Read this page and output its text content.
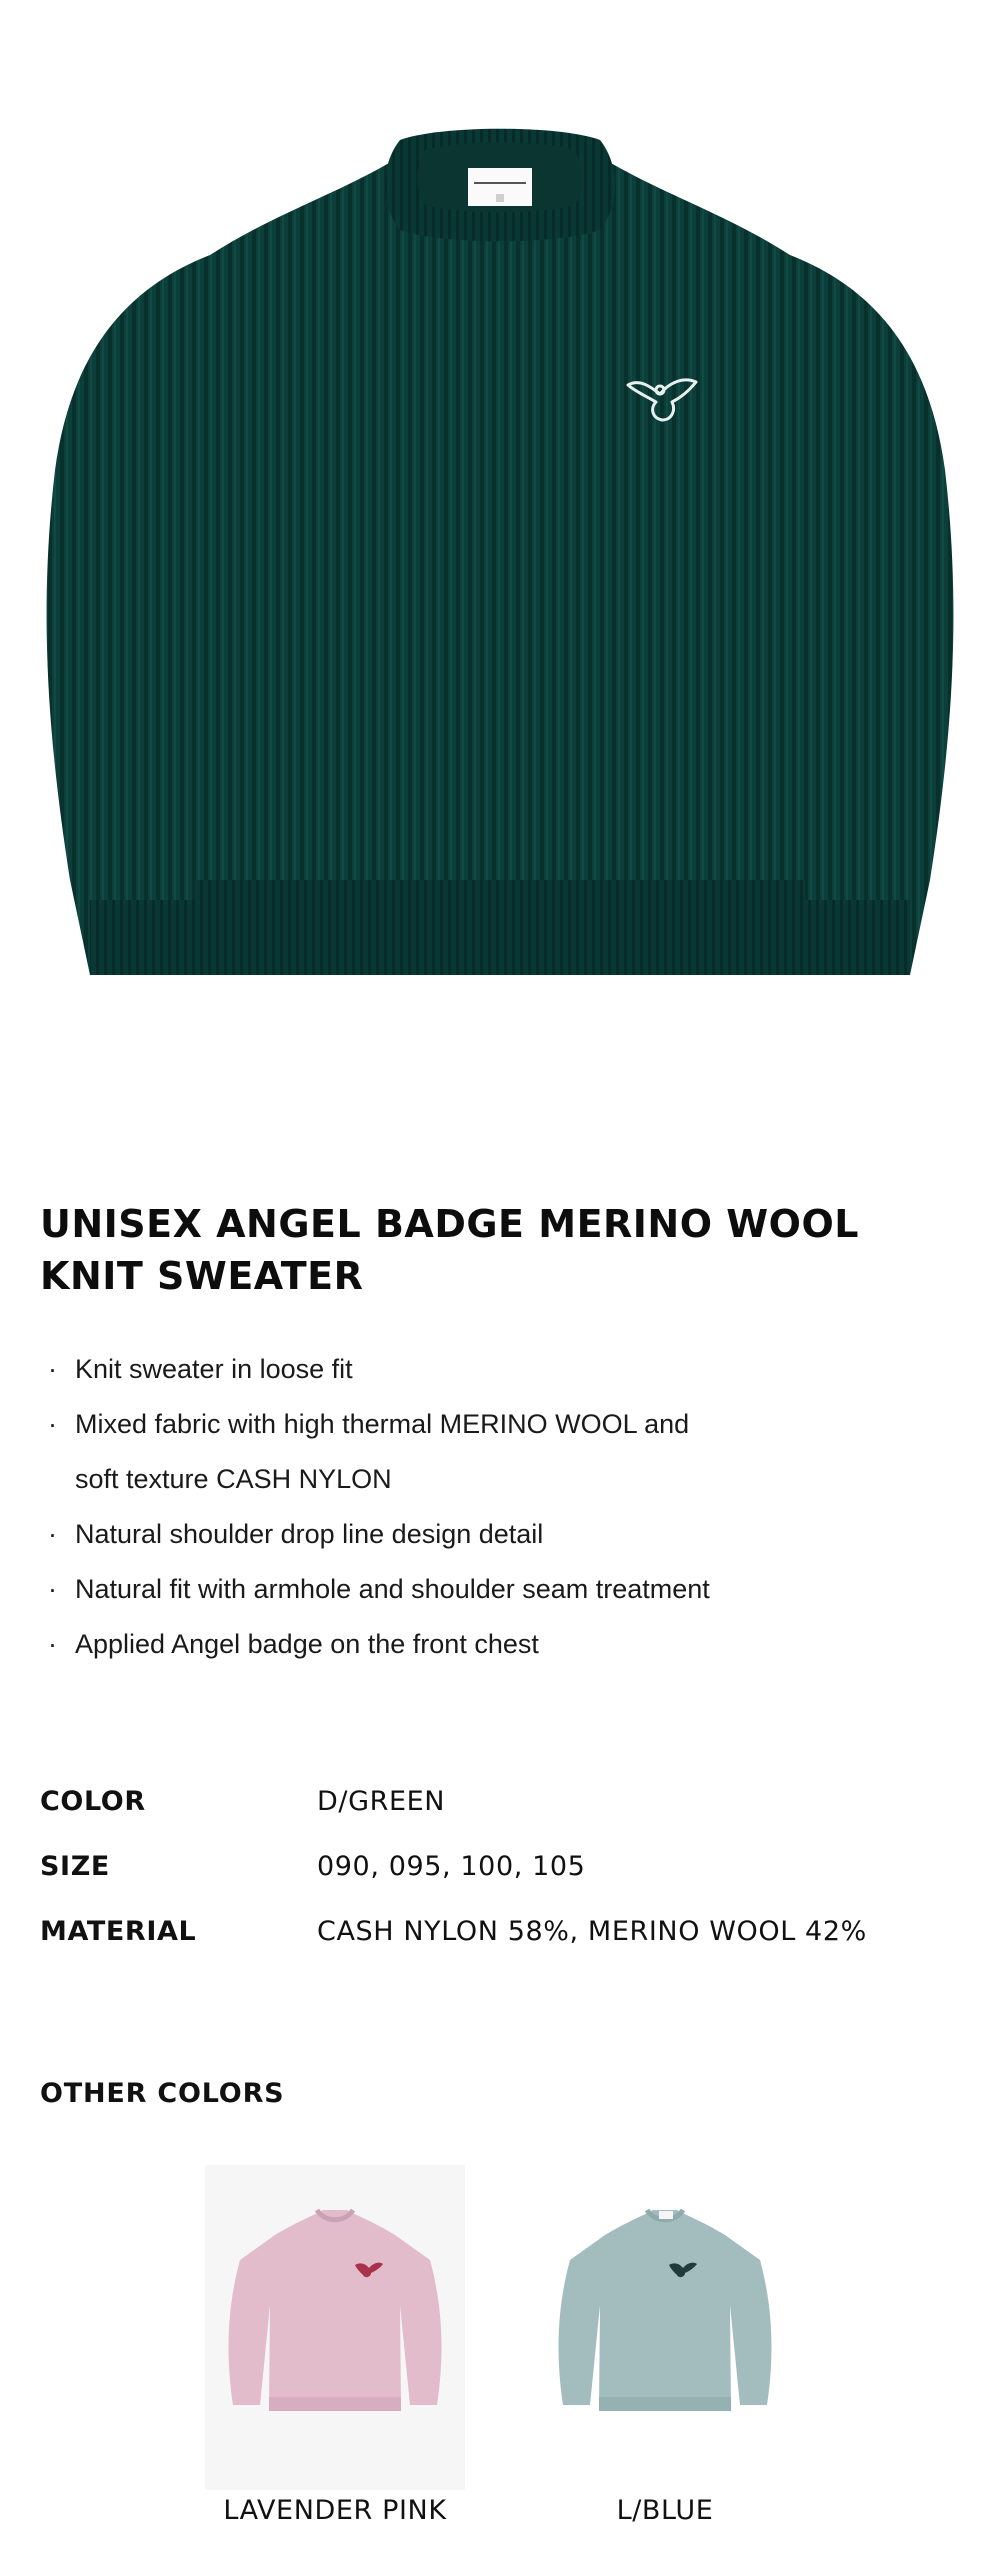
UNISEX ANGEL BADGE MERINO WOOL KNIT SWEATER
· Knit sweater in loose fit
· Mixed fabric with high thermal MERINO WOOL and
soft texture CASH NYLON
· Natural shoulder drop line design detail
· Natural fit with armhole and shoulder seam treatment
· Applied Angel badge on the front chest
COLOR	D/GREEN
SIZE	090, 095, 100, 105
MATERIAL	CASH NYLON 58%, MERINO WOOL 42%
OTHER COLORS
LAVENDER PINK	L/BLUE
